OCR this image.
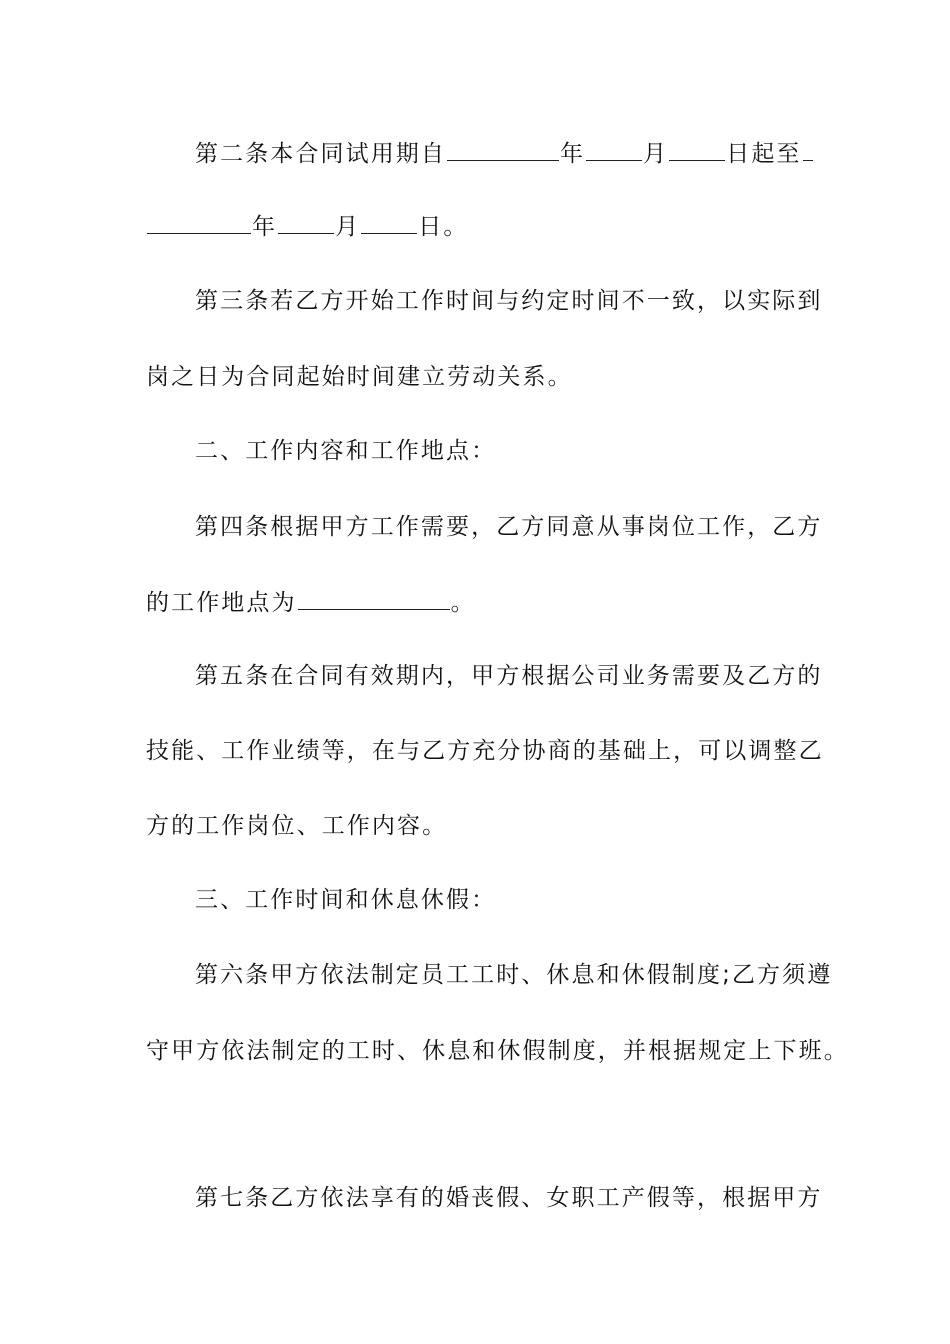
第二条本合同试用期自	年	月	日起至
年	月	日。
第三条若乙方开始工作时间与约定时间不一致，以实际到
岗之日为合同起始时间建立劳动关系。
二、工作内容和工作地点：
第四条根据甲方工作需要，乙方同意从事岗位工作，乙方
的工作地点为	。
第五条在合同有效期内，甲方根据公司业务需要及乙方的
技能、工作业绩等，在与乙方充分协商的基础上，可以调整乙
方的工作岗位、工作内容。
三、工作时间和休息休假：
第六条甲方依法制定员工工时、休息和休假制度;乙方须遵
守甲方依法制定的工时、休息和休假制度，并根据规定上下班。
第七条乙方依法享有的婚丧假、女职工产假等，根据甲方
